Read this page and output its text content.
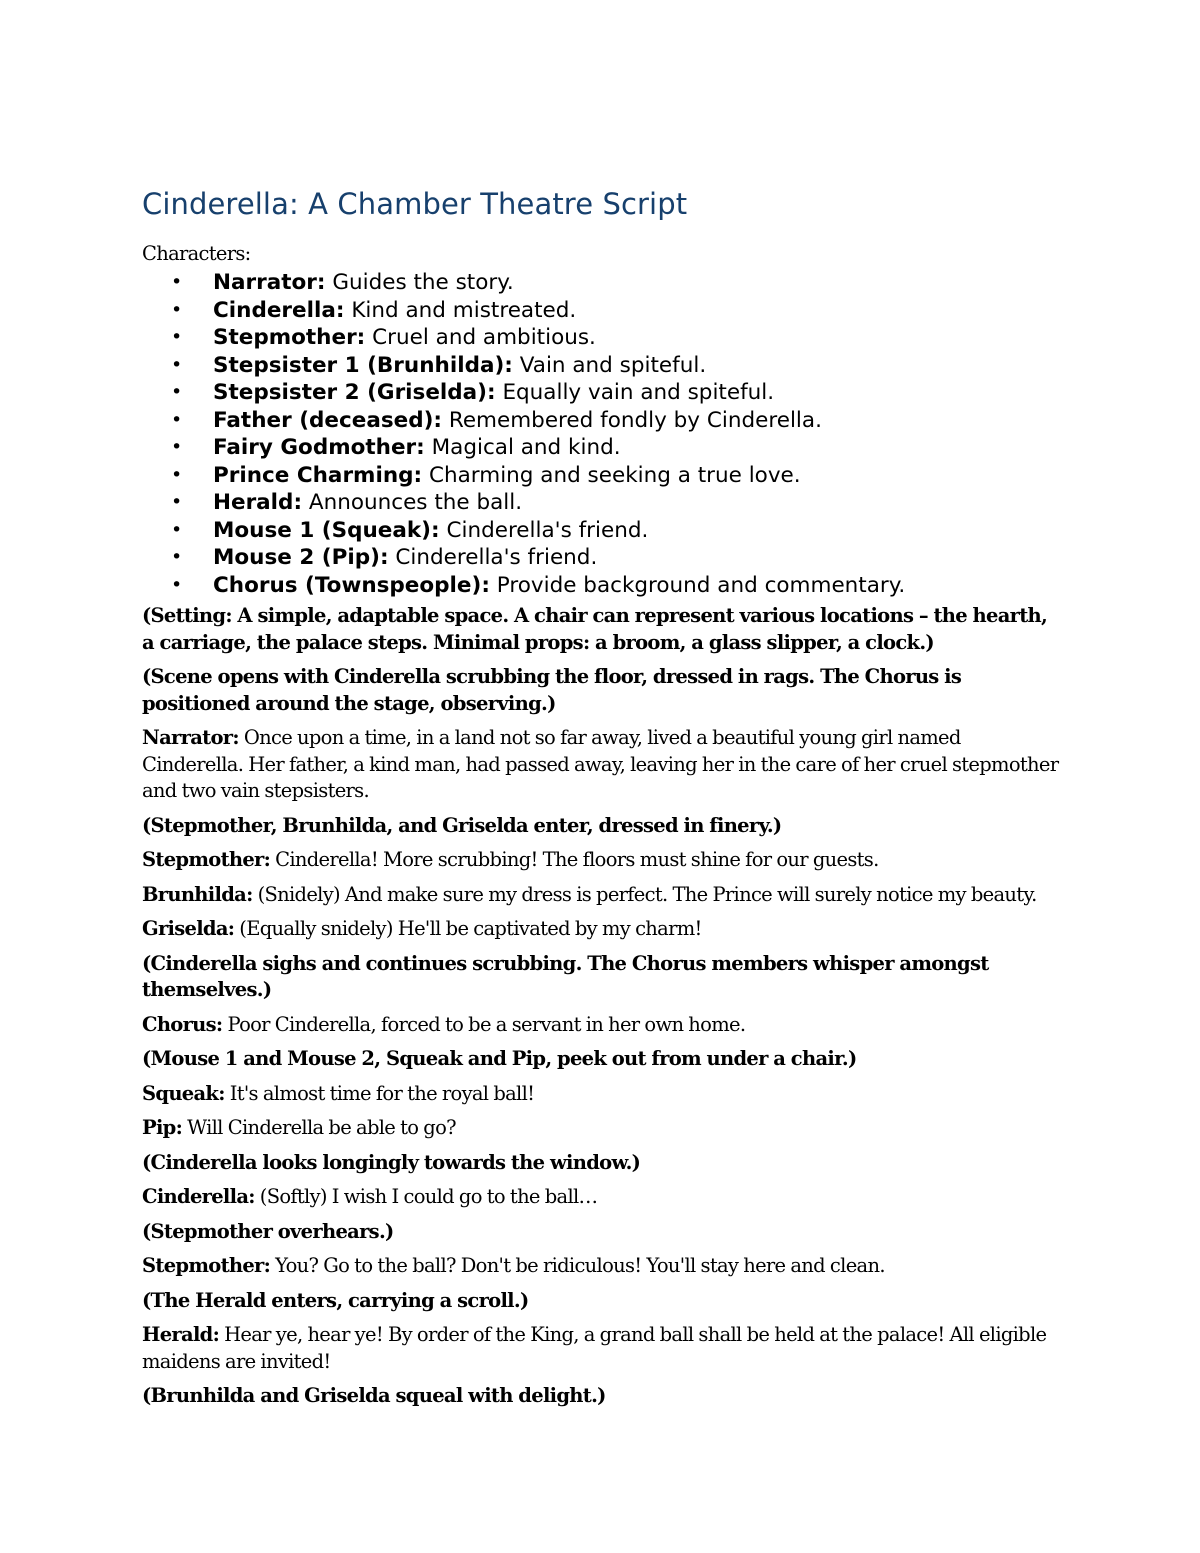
Cinderella: A Chamber Theatre Script

Characters:

• Narrator: Guides the story.
• Cinderella: Kind and mistreated.
• Stepmother: Cruel and ambitious.
• Stepsister 1 (Brunhilda): Vain and spiteful.
• Stepsister 2 (Griselda): Equally vain and spiteful.
• Father (deceased): Remembered fondly by Cinderella.
• Fairy Godmother: Magical and kind.
• Prince Charming: Charming and seeking a true love.
• Herald: Announces the ball.
• Mouse 1 (Squeak): Cinderella's friend.
• Mouse 2 (Pip): Cinderella's friend.
• Chorus (Townspeople): Provide background and commentary.

(Setting: A simple, adaptable space. A chair can represent various locations – the hearth, a carriage, the palace steps. Minimal props: a broom, a glass slipper, a clock.)

(Scene opens with Cinderella scrubbing the floor, dressed in rags. The Chorus is positioned around the stage, observing.)

Narrator: Once upon a time, in a land not so far away, lived a beautiful young girl named Cinderella. Her father, a kind man, had passed away, leaving her in the care of her cruel stepmother and two vain stepsisters.

(Stepmother, Brunhilda, and Griselda enter, dressed in finery.)

Stepmother: Cinderella! More scrubbing! The floors must shine for our guests.

Brunhilda: (Snidely) And make sure my dress is perfect. The Prince will surely notice my beauty.

Griselda: (Equally snidely) He'll be captivated by my charm!

(Cinderella sighs and continues scrubbing. The Chorus members whisper amongst themselves.)

Chorus: Poor Cinderella, forced to be a servant in her own home.

(Mouse 1 and Mouse 2, Squeak and Pip, peek out from under a chair.)

Squeak: It's almost time for the royal ball!

Pip: Will Cinderella be able to go?

(Cinderella looks longingly towards the window.)

Cinderella: (Softly) I wish I could go to the ball…

(Stepmother overhears.)

Stepmother: You? Go to the ball? Don't be ridiculous! You'll stay here and clean.

(The Herald enters, carrying a scroll.)

Herald: Hear ye, hear ye! By order of the King, a grand ball shall be held at the palace! All eligible maidens are invited!

(Brunhilda and Griselda squeal with delight.)
